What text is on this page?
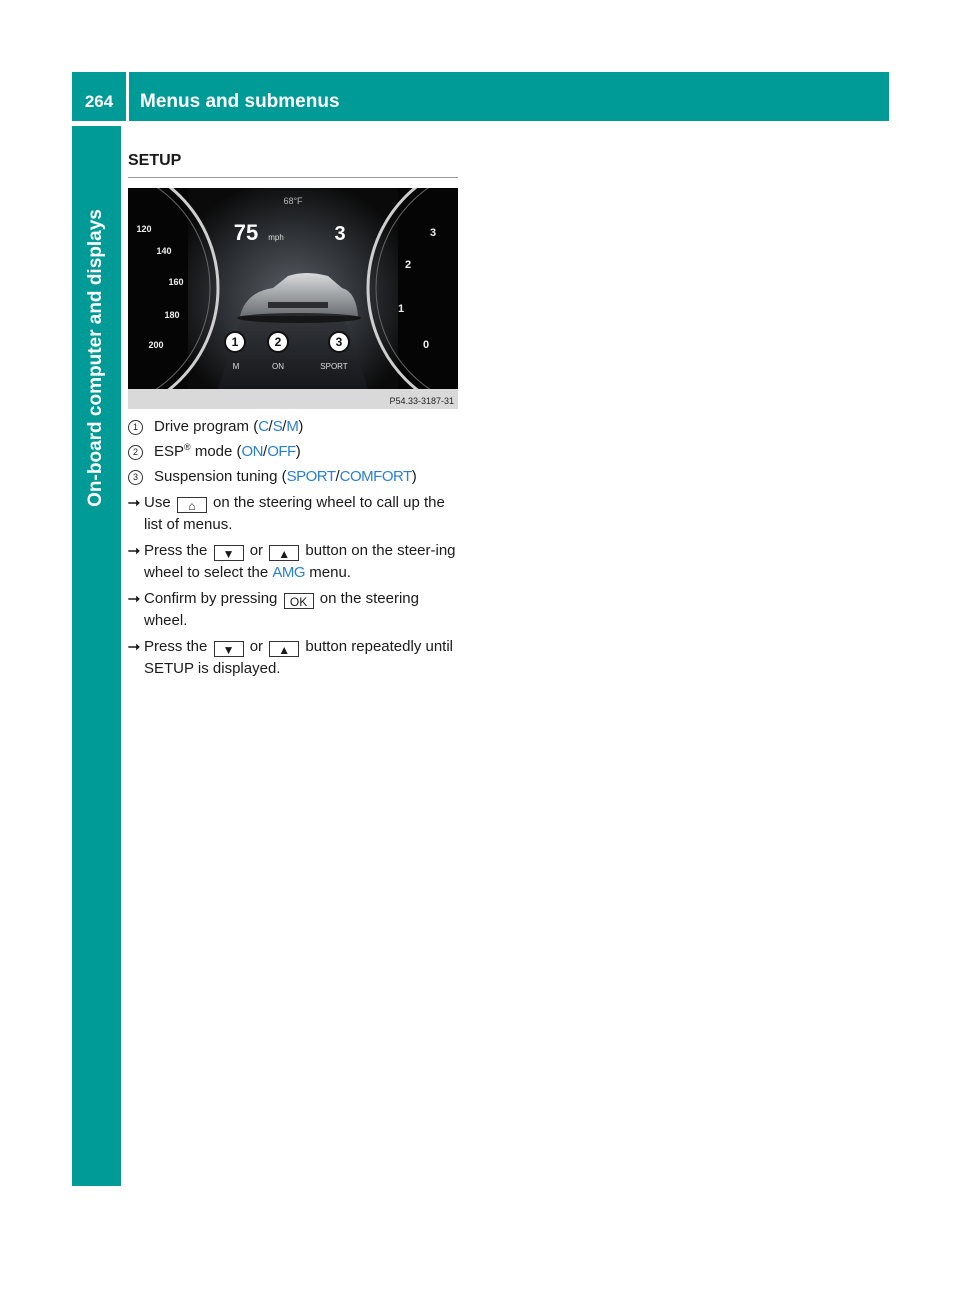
264	Menus and submenus
On-board computer and displays
SETUP
68°F
75 mph	3
120
140
160
180
200
3
2
1
0
1	2	3
M	ON	SPORT
P54.33-3187-31
1	Drive program (C/S/M)
2	ESP® mode (ON/OFF)
3	Suspension tuning (SPORT/COMFORT)
⭢ Use ⌂ on the steering wheel to call up the list of menus.
⭢ Press the ▼ or ▲ button on the steer-ing wheel to select the AMG menu.
⭢ Confirm by pressing OK on the steering wheel.
⭢ Press the ▼ or ▲ button repeatedly until SETUP is displayed.
